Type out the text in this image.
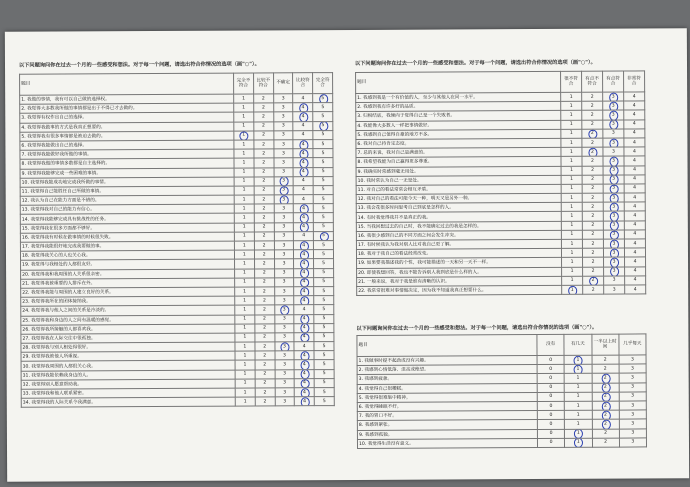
以下问题询问你在过去一个月的一些感受和想法。对于每一个问题，请选出符合你情况的选项（画"○"）。
题目	完全不符合	比较不符合	不确定	比较符合	完全符合
1. 我做的事情，我有可以自己做的选择权。	1	2	3	4	5
2. 我觉得大多数我所做的事情都是出于不得已才去做的。	1	2	3	4	5
3. 我觉得有权作出自己的选择。	1	2	3	4	5
4. 我觉得我做事的方式是我真正想要的。	1	2	3	4	5
5. 我觉得我有很多事情都是被迫去做的。	1	2	3	4	5
6. 我觉得我能做出自己的选择。	1	2	3	4	5
7. 我觉得我能做好我所做的事情。	1	2	3	4	5
8. 我觉得我做的事情多数都是自主选择的。	1	2	3	4	5
9. 我觉得我能够完成一些困难的事情。	1	2	3	4	5
10. 我觉得我能成功地完成我所做的事情。	1	2	3	4	5
11. 我觉得自己能胜任自己所做的事情。	1	2	3	4	5
12. 我认为自己在能力方面是不错的。	1	2	3	4	5
13. 我觉得我对自己的能力有信心。	1	2	3	4	5
14. 我觉得我能够完成具有挑战性的任务。	1	2	3	4	5
15. 我觉得我在很多方面都不够好。	1	2	3	4	5
16. 我觉得我有时候在做事情的时候很失败。	1	2	3	4	5
17. 我觉得我能很好地完成我要做的事。	1	2	3	4	5
18. 我觉得我关心的人也关心我。	1	2	3	4	5
19. 我觉得与我相处的人都很友好。	1	2	3	4	5
20. 我觉得我和我周围的人关系很亲密。	1	2	3	4	5
21. 我觉得我被重要的人排斥在外。	1	2	3	4	5
22. 我觉得我能与周围的人建立良好的关系。	1	2	3	4	5
23. 我觉得我所在的团体接纳我。	1	2	3	4	5
24. 我觉得我与他人之间的关系是冷淡的。	1	2	3	4	5
25. 我觉得我和身边的人之间有温暖的感觉。	1	2	3	4	5
26. 我觉得我所接触的人都喜欢我。	1	2	3	4	5
27. 我觉得我在人际交往中很孤独。	1	2	3	4	5
28. 我觉得我与别人相处得很好。	1	2	3	4	5
29. 我觉得我被他人所重视。	1	2	3	4	5
30. 我觉得我周围的人都很关心我。	1	2	3	4	5
31. 我觉得我能依赖我身边的人。	1	2	3	4	5
32. 我觉得别人愿意帮助我。	1	2	3	4	5
33. 我觉得我和他人联系紧密。	1	2	3	4	5
34. 我觉得我的人际关系令我满意。	1	2	3	4	5
以下问题询问你在过去一个月的一些感受和想法。对于每一个问题，请选出符合你情况的选项（画"○"）。
题目	很不符合	有点不符合	有点符合	非常符合
1. 我感到我是一个有价值的人，至少与其他人在同一水平。	1	2	3	4
2. 我感到我有许多好的品质。	1	2	3	4
3. 归根结底，我倾向于觉得自己是一个失败者。	1	2	3	4
4. 我能像大多数人一样把事情做好。	1	2	3	4
5. 我感到自己值得自豪的地方不多。	1	2	3	4
6. 我对自己持肯定态度。	1	2	3	4
7. 总的来说，我对自己是满意的。	1	2	3	4
8. 我希望我能为自己赢得更多尊重。	1	2	3	4
9. 我确实时常感到毫无用处。	1	2	3	4
10. 我时常认为自己一无是处。	1	2	3	4
11. 对自己的看法常常会相互矛盾。	1	2	3	4
12. 我对自己的看法可能今天一种，明天又是另外一种。	1	2	3	4
13. 我会花很多时间思考自己到底是怎样的人。	1	2	3	4
14. 有时我觉得我并不是真正的我。	1	2	3	4
15. 当我回想过去的自己时，我不能确定过去的我是怎样的。	1	2	3	4
16. 我很少感到自己的不同方面之间会发生冲突。	1	2	3	4
17. 有时候我认为我对别人比对我自己更了解。	1	2	3	4
18. 我对于我自己的看法经常改变。	1	2	3	4
19. 如果要我描述我的个性，我可能描述的一天和另一天不一样。	1	2	3	4
20. 即使我想回答，我也不能告诉别人我到底是什么样的人。	1	2	3	4
21. 一般来说，我对于我是谁有清晰的认识。	1	2	3	4
22. 我常常很难对事情做决定，因为我不知道我真正想要什么。	1	2	3	4
以下问题询问你在过去一个月的一些感受和想法。对于每一个问题，请选出符合你情况的选项（画"○"）。
题目	没有	有几天	一半以上时间	几乎每天
1. 我做事时提不起劲或没有兴趣。	0	1	2	3
2. 我感到心情低落、沮丧或绝望。	0	1	2	3
3. 我感到疲惫。	0	1	2	3
4. 我觉得自己很糟糕。	0	1	2	3
5. 我觉得很难集中精神。	0	1	2	3
6. 我觉得睡眠不好。	0	1	2	3
7. 我的胃口不好。	0	1	2	3
8. 我感到紧张。	0	1	2	3
9. 我感到孤独。	0	1	2	3
10. 我觉得生活没有意义。	0	1	2	3
